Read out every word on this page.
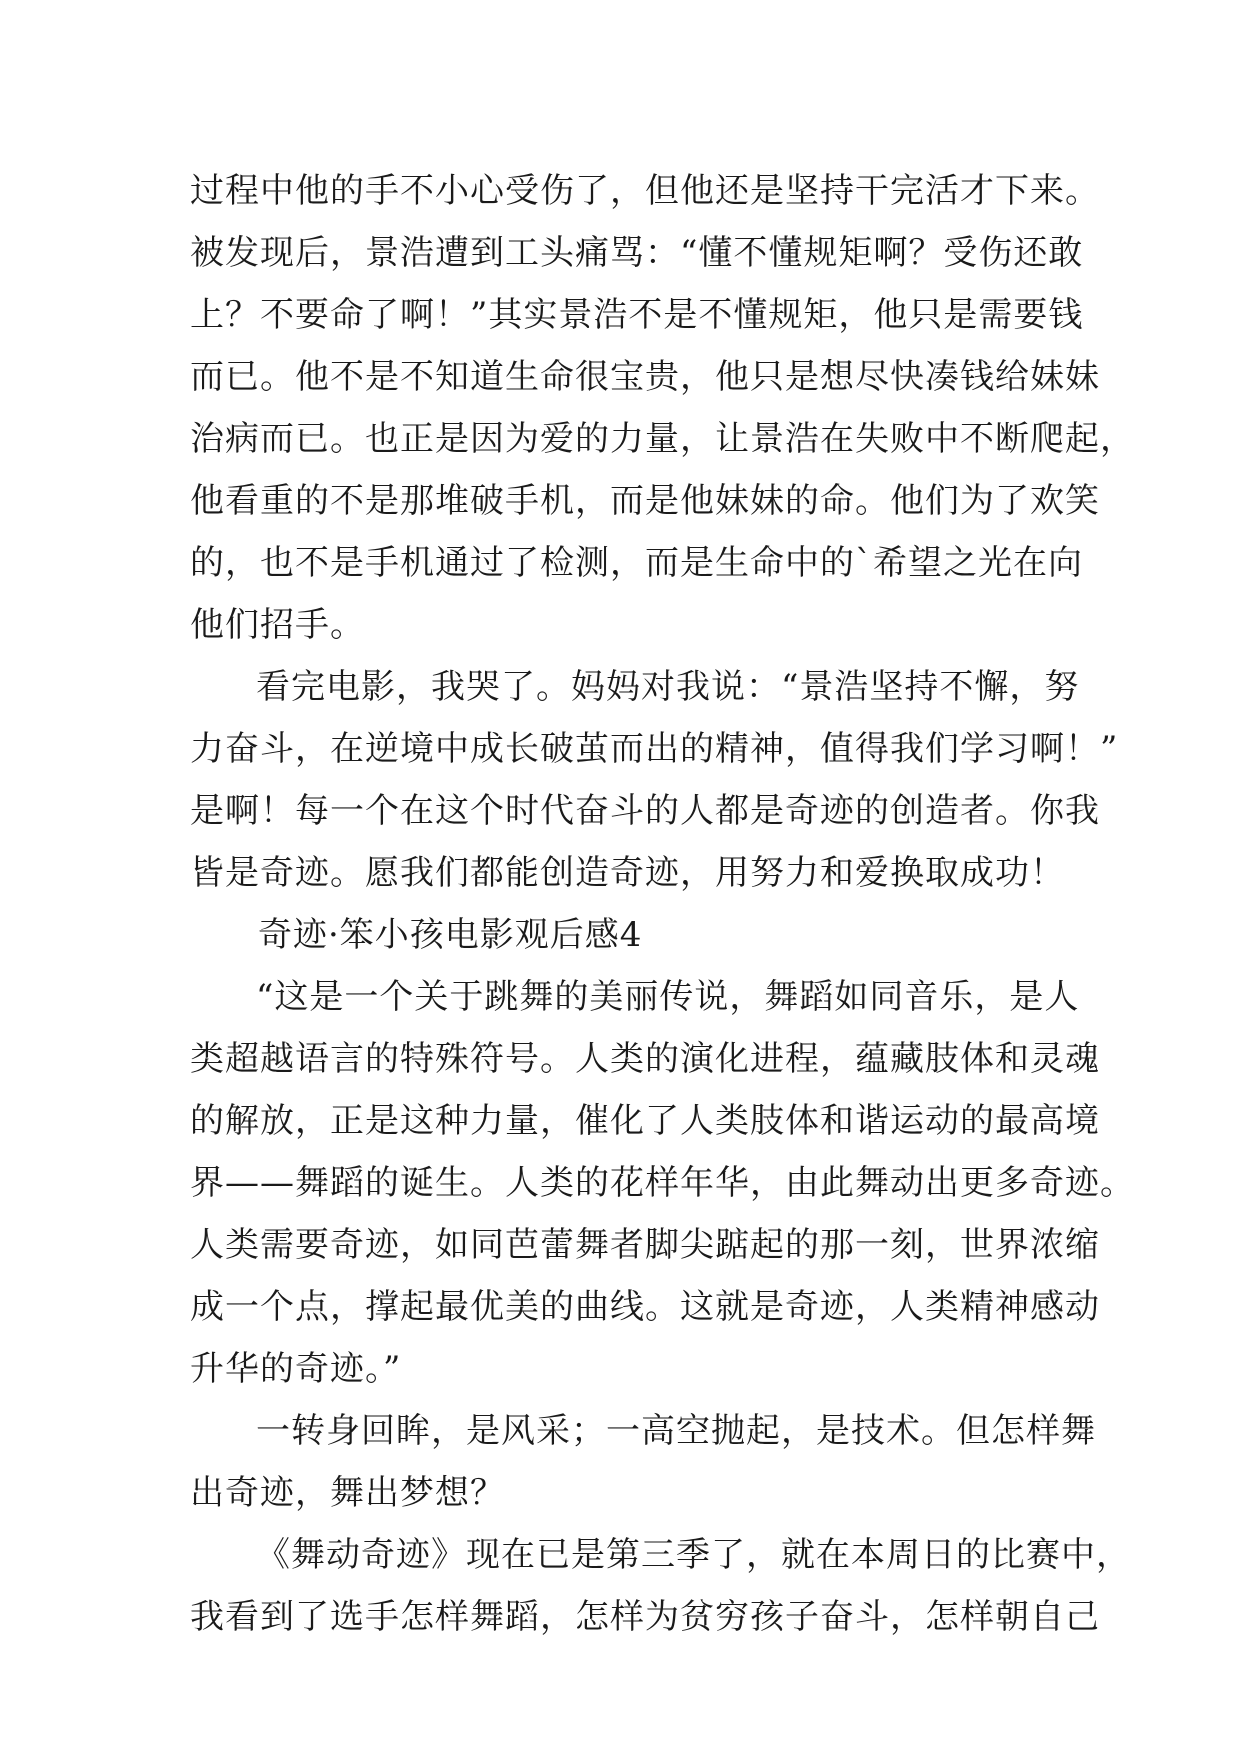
过程中他的手不小心受伤了，但他还是坚持干完活才下来。
被发现后，景浩遭到工头痛骂：“懂不懂规矩啊？受伤还敢
上？不要命了啊！”其实景浩不是不懂规矩，他只是需要钱
而已。他不是不知道生命很宝贵，他只是想尽快凑钱给妹妹
治病而已。也正是因为爱的力量，让景浩在失败中不断爬起，
他看重的不是那堆破手机，而是他妹妹的命。他们为了欢笑
的，也不是手机通过了检测，而是生命中的`希望之光在向
他们招手。
看完电影，我哭了。妈妈对我说：“景浩坚持不懈，努
力奋斗，在逆境中成长破茧而出的精神，值得我们学习啊！”
是啊！每一个在这个时代奋斗的人都是奇迹的创造者。你我
皆是奇迹。愿我们都能创造奇迹，用努力和爱换取成功！
奇迹·笨小孩电影观后感4
“这是一个关于跳舞的美丽传说，舞蹈如同音乐，是人
类超越语言的特殊符号。人类的演化进程，蕴藏肢体和灵魂
的解放，正是这种力量，催化了人类肢体和谐运动的最高境
界——舞蹈的诞生。人类的花样年华，由此舞动出更多奇迹。
人类需要奇迹，如同芭蕾舞者脚尖踮起的那一刻，世界浓缩
成一个点，撑起最优美的曲线。这就是奇迹，人类精神感动
升华的奇迹。”
一转身回眸，是风采；一高空抛起，是技术。但怎样舞
出奇迹，舞出梦想？
《舞动奇迹》现在已是第三季了，就在本周日的比赛中，
我看到了选手怎样舞蹈，怎样为贫穷孩子奋斗，怎样朝自己
